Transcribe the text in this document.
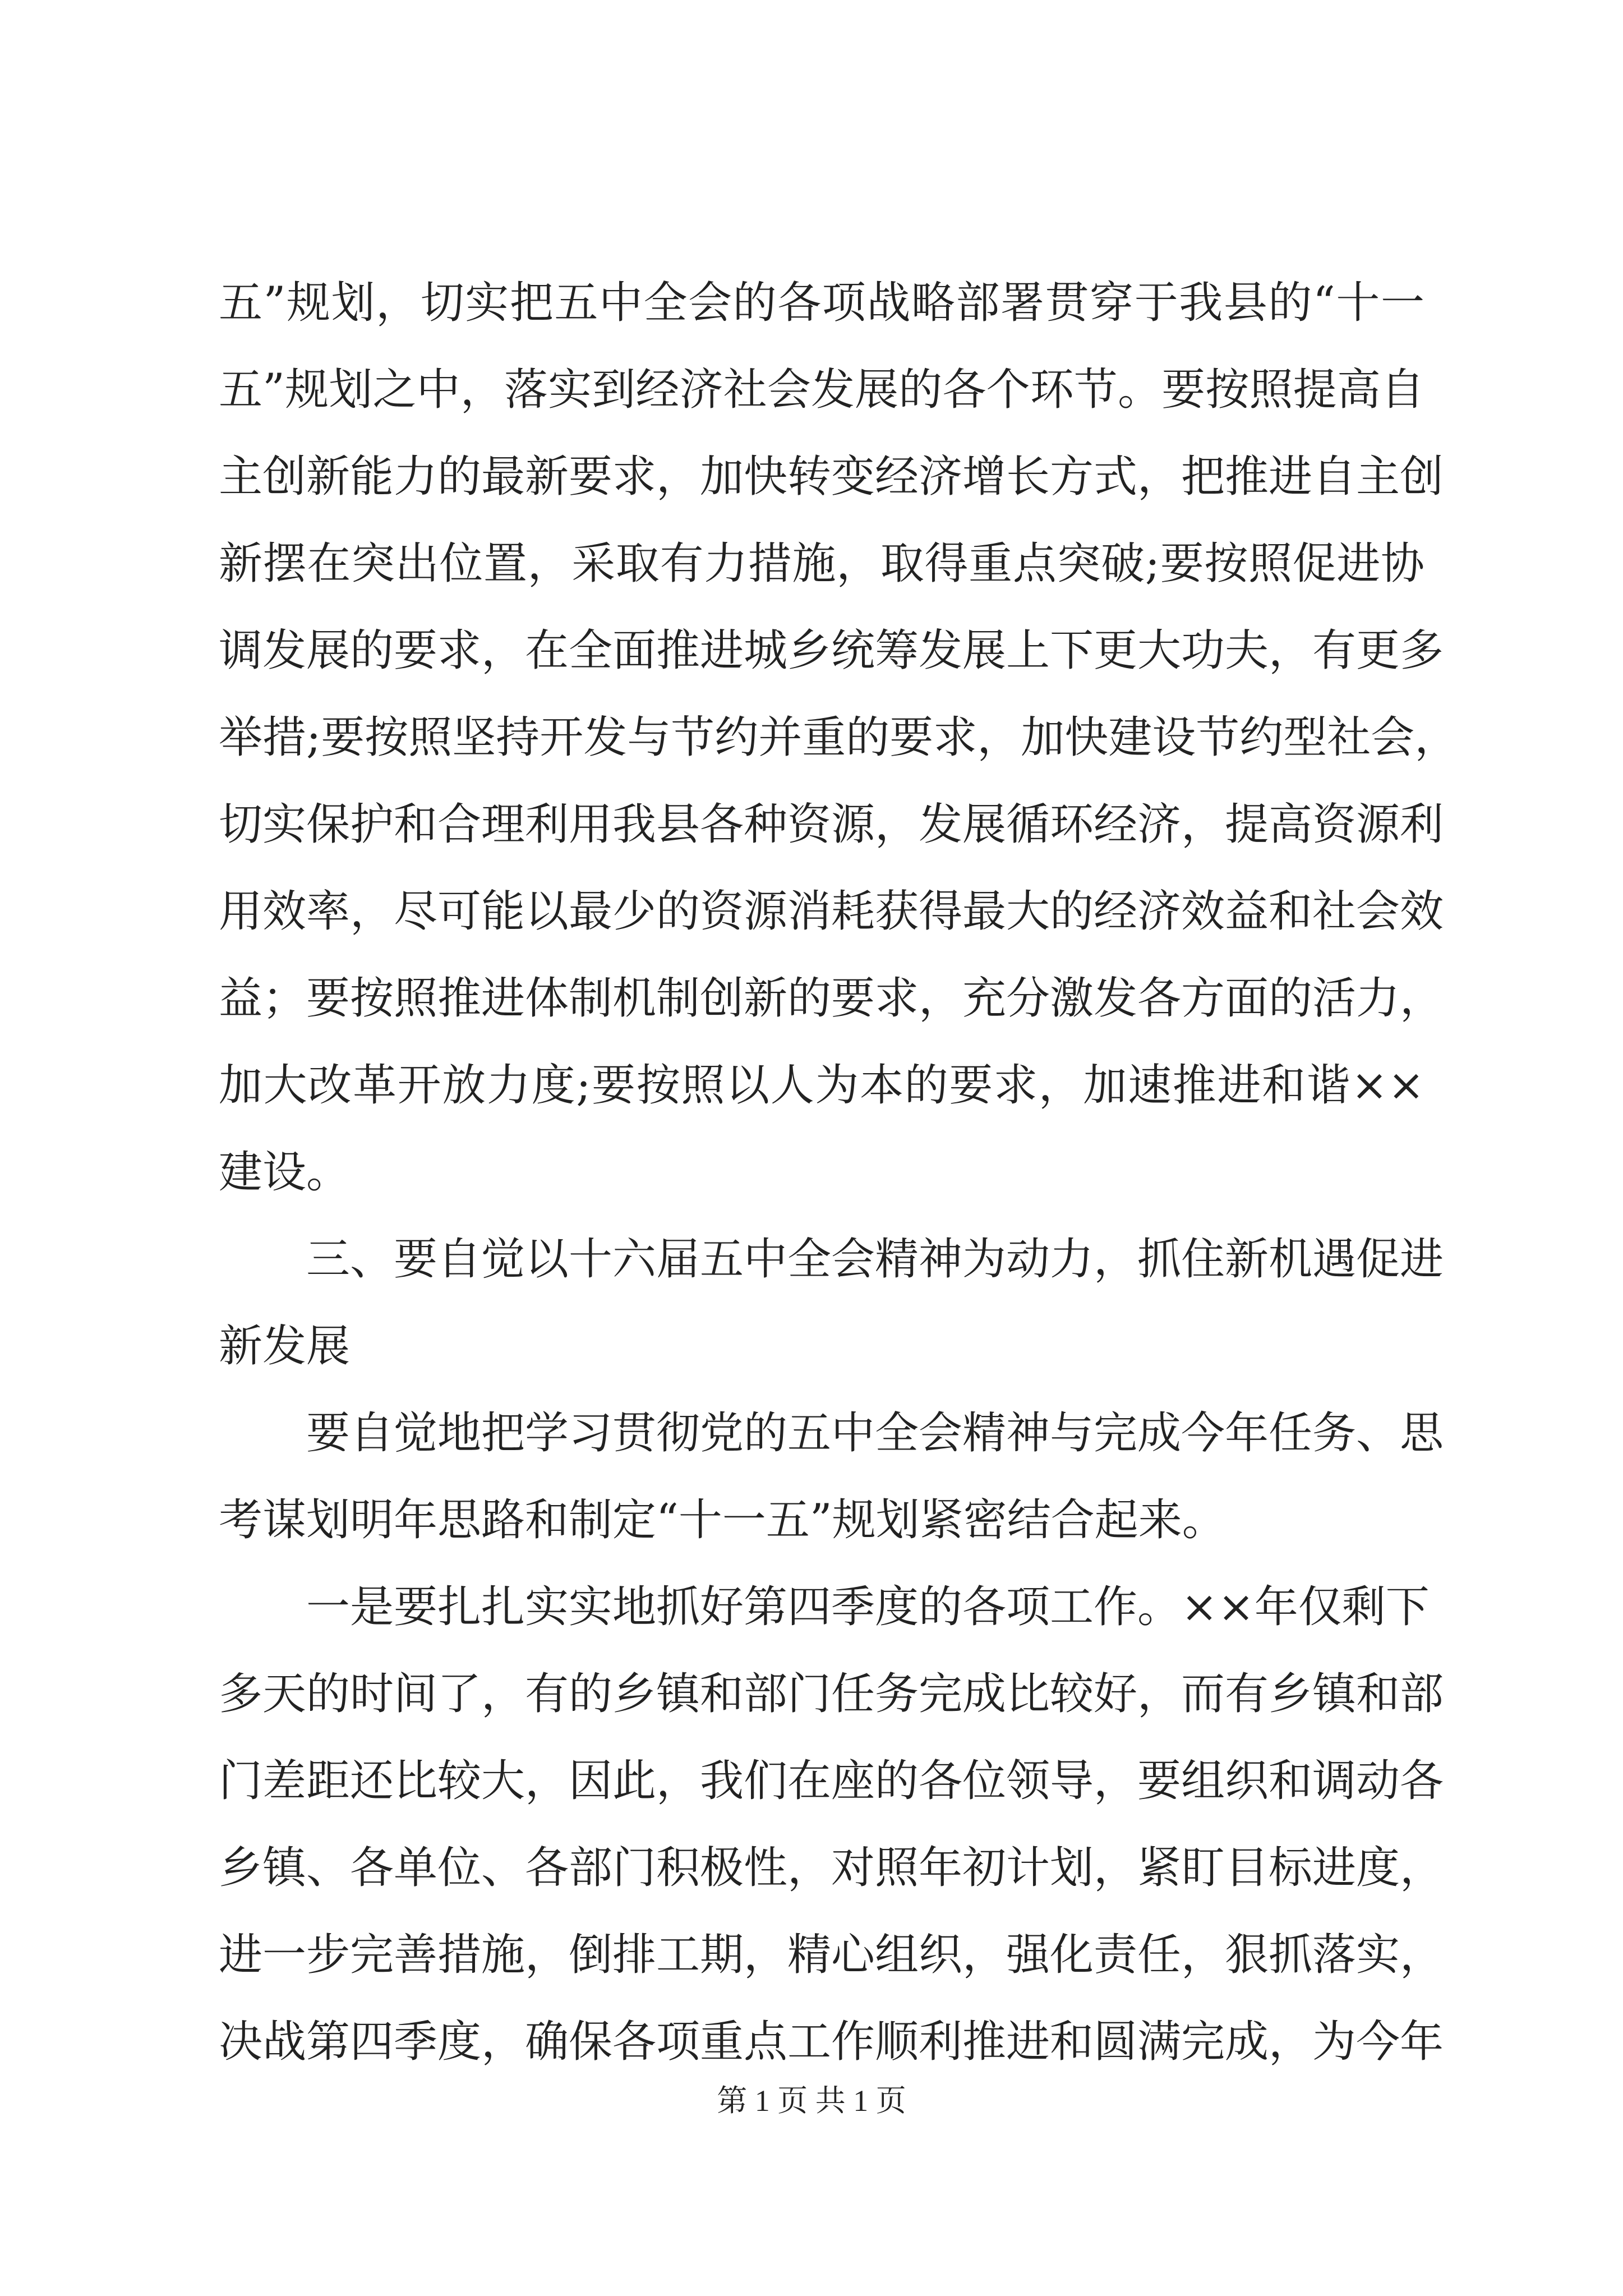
五”规划，切实把五中全会的各项战略部署贯穿于我县的“十一
五”规划之中，落实到经济社会发展的各个环节。要按照提高自
主创新能力的最新要求，加快转变经济增长方式，把推进自主创
新摆在突出位置，采取有力措施，取得重点突破;要按照促进协
调发展的要求，在全面推进城乡统筹发展上下更大功夫，有更多
举措;要按照坚持开发与节约并重的要求，加快建设节约型社会，
切实保护和合理利用我县各种资源，发展循环经济，提高资源利
用效率，尽可能以最少的资源消耗获得最大的经济效益和社会效
益；要按照推进体制机制创新的要求，充分激发各方面的活力，
加大改革开放力度;要按照以人为本的要求，加速推进和谐××
建设。
三、要自觉以十六届五中全会精神为动力，抓住新机遇促进
新发展
要自觉地把学习贯彻党的五中全会精神与完成今年任务、思
考谋划明年思路和制定“十一五”规划紧密结合起来。
一是要扎扎实实地抓好第四季度的各项工作。××年仅剩下
多天的时间了，有的乡镇和部门任务完成比较好，而有乡镇和部
门差距还比较大，因此，我们在座的各位领导，要组织和调动各
乡镇、各单位、各部门积极性，对照年初计划，紧盯目标进度，
进一步完善措施，倒排工期，精心组织，强化责任，狠抓落实，
决战第四季度，确保各项重点工作顺利推进和圆满完成，为今年
第 1 页 共 1 页
